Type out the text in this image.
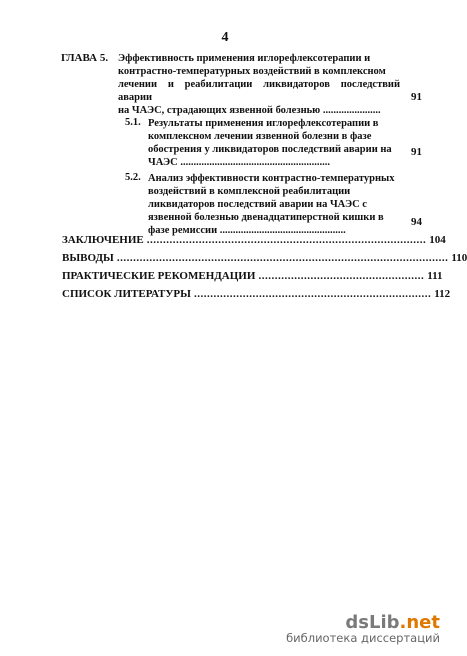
4
ГЛАВА 5. Эффективность применения иглорефлексотерапии и
контрастно-температурных воздействий в комплексном
лечении и реабилитации ликвидаторов последствий аварии
на ЧАЭС, страдающих язвенной болезнью ......................
91
5.1. Результаты применения иглорефлексотерапии в
комплексном лечении язвенной болезни в фазе
обострения у ликвидаторов последствий аварии на
ЧАЭС .........................................................
91
5.2. Анализ эффективности контрастно-температурных
воздействий в комплексной реабилитации
ликвидаторов последствий аварии на ЧАЭС с
язвенной болезнью двенадцатиперстной кишки в
фазе ремиссии ................................................
94
ЗАКЛЮЧЕНИЕ ...................................................................................... 104
ВЫВОДЫ ...................................................................................................... 110
ПРАКТИЧЕСКИЕ РЕКОМЕНДАЦИИ ................................................... 111
СПИСОК ЛИТЕРАТУРЫ ......................................................................... 112
dsLib.net
библиотека диссертаций
